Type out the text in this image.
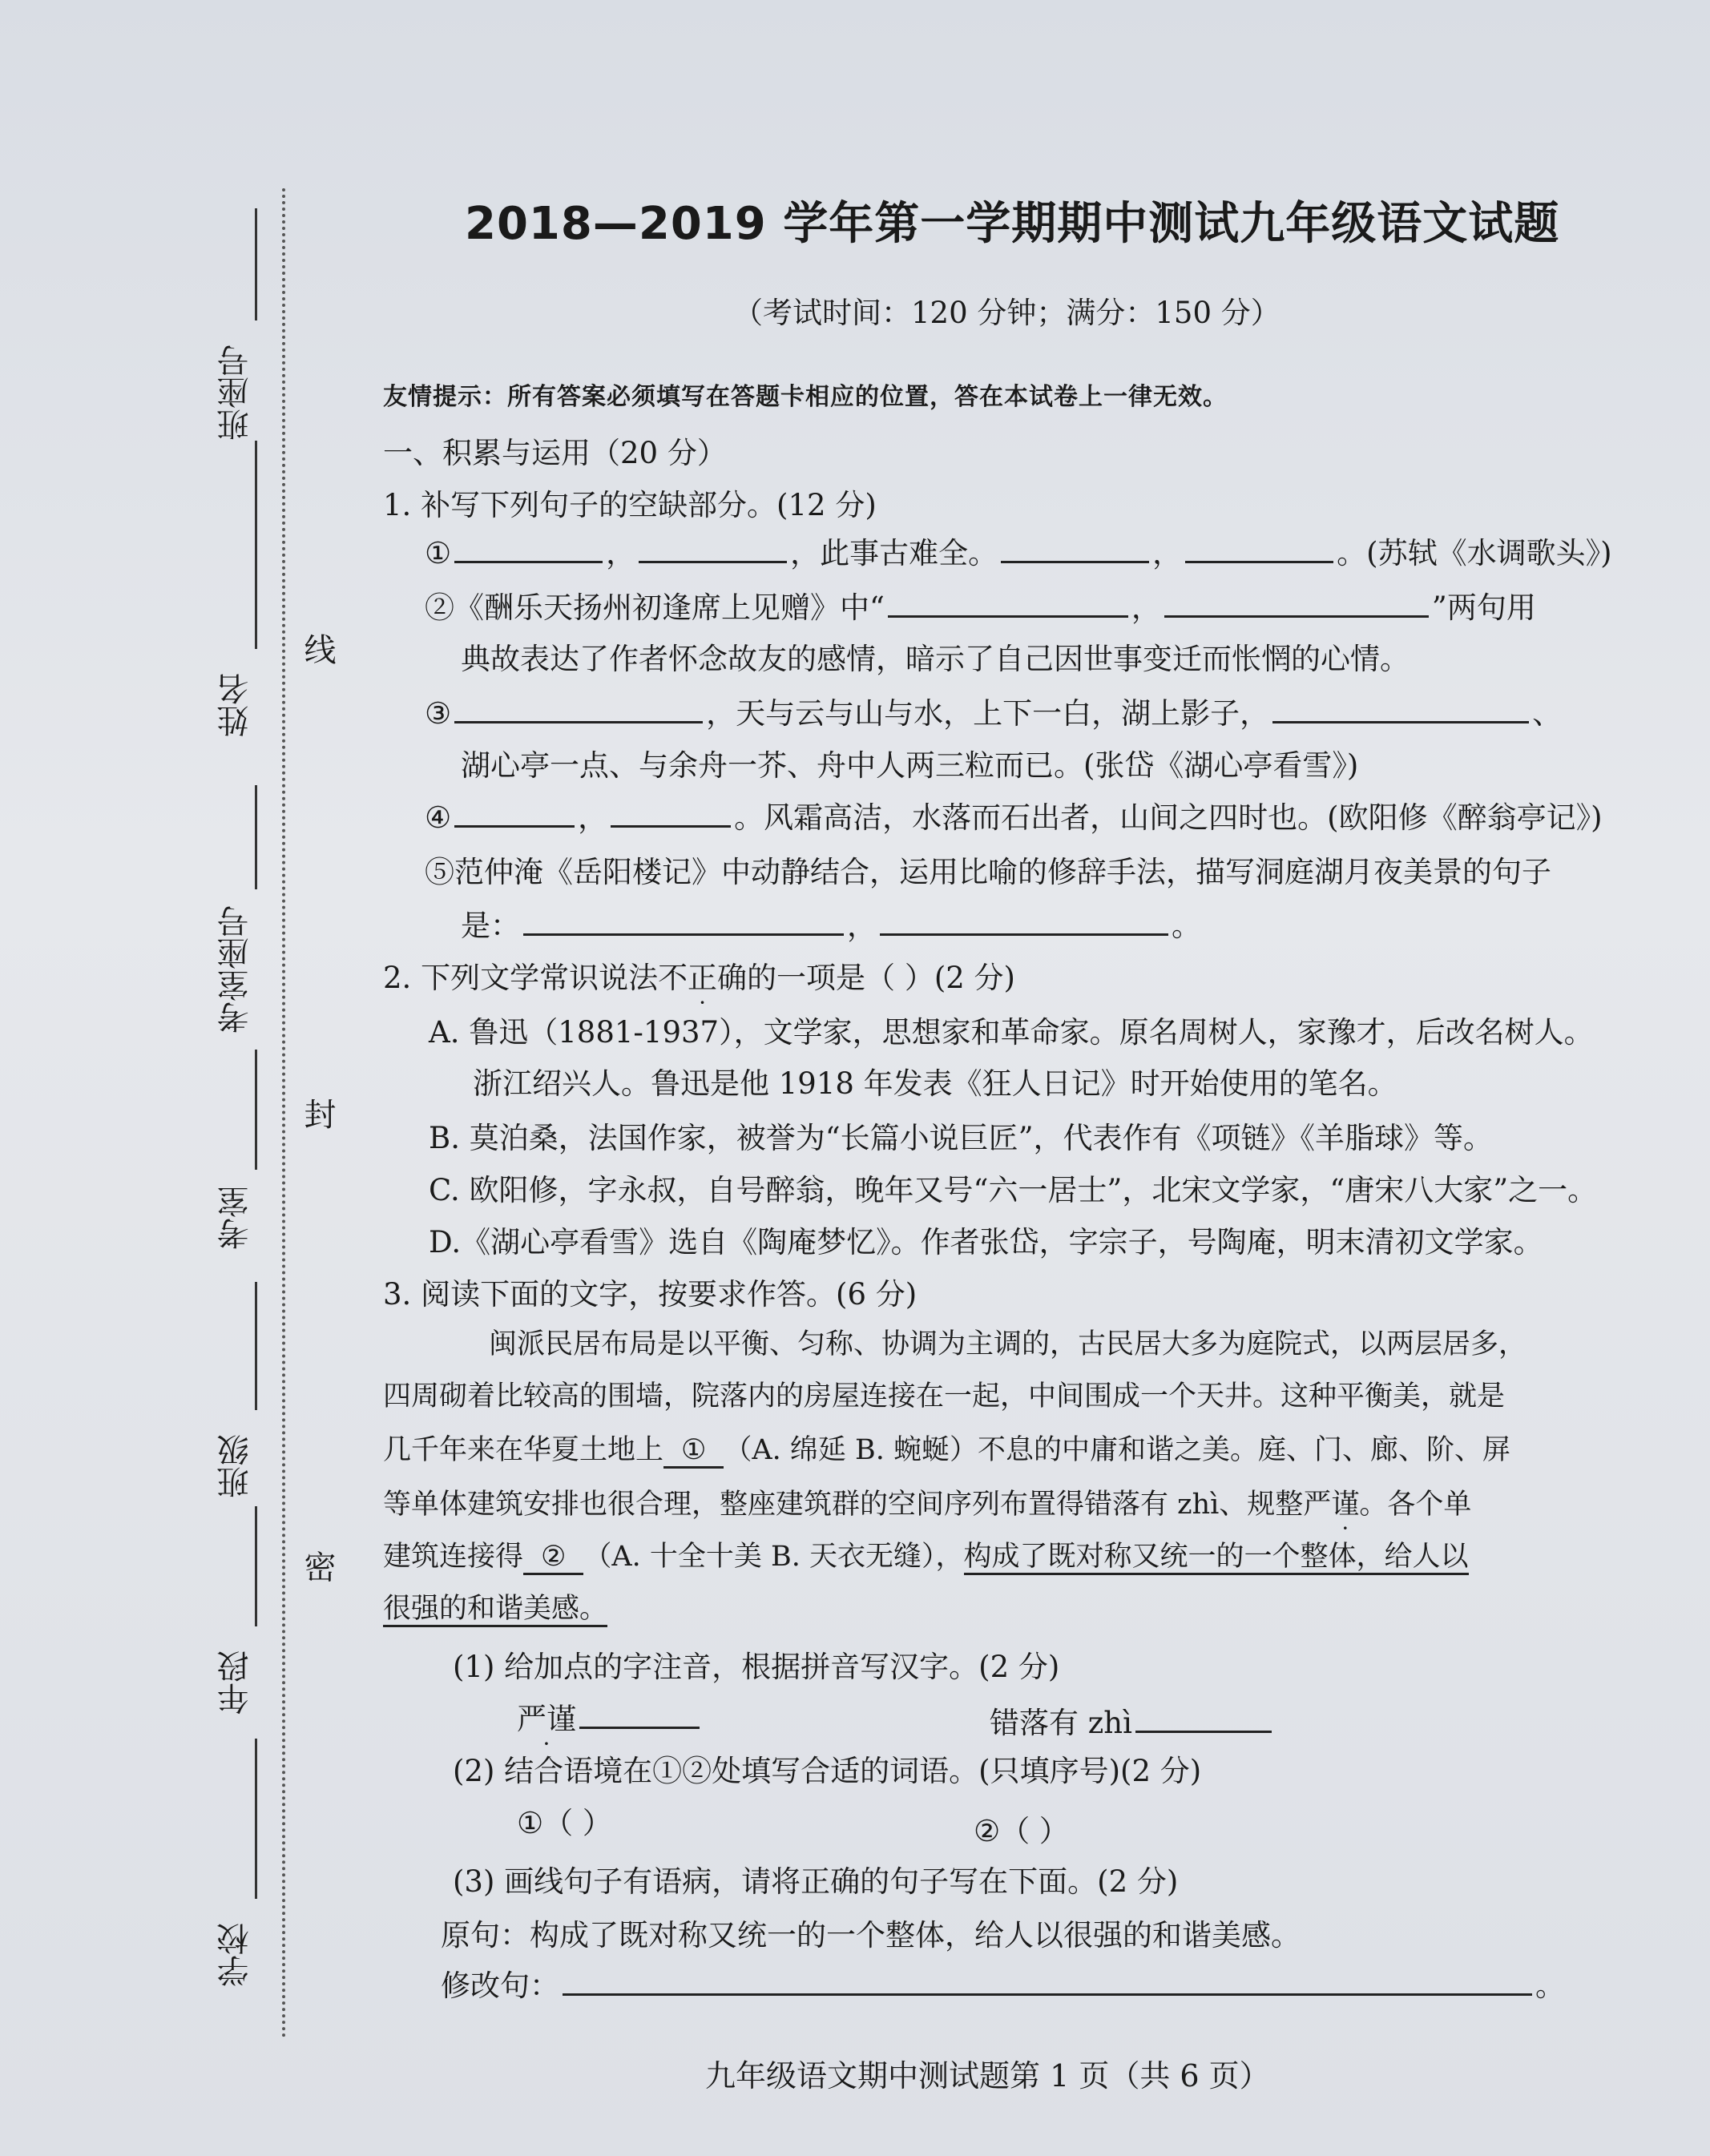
班座号
姓名
考室座号
考室
班级
年段
学校
线
封
密
2018—2019 学年第一学期期中测试九年级语文试题
（考试时间：120 分钟；满分：150 分）
友情提示：所有答案必须填写在答题卡相应的位置，答在本试卷上一律无效。
一、积累与运用（20 分）
1. 补写下列句子的空缺部分。(12 分)
①	，	，此事古难全。	，	。(苏轼《水调歌头》)
②《酬乐天扬州初逢席上见赠》中“	，	”两句用
典故表达了作者怀念故友的感情，暗示了自己因世事变迁而怅惘的心情。
③	，天与云与山与水，上下一白，湖上影子，	、
湖心亭一点、与余舟一芥、舟中人两三粒而已。(张岱《湖心亭看雪》)
④	，	。风霜高洁，水落而石出者，山间之四时也。(欧阳修《醉翁亭记》)
⑤范仲淹《岳阳楼记》中动静结合，运用比喻的修辞手法，描写洞庭湖月夜美景的句子
是：	，	。
2. 下列文学常识说法不正确的一项是（ ）(2 分)
A. 鲁迅（1881-1937），文学家，思想家和革命家。原名周树人，家豫才，后改名树人。
浙江绍兴人。鲁迅是他 1918 年发表《狂人日记》时开始使用的笔名。
B. 莫泊桑，法国作家，被誉为“长篇小说巨匠”，代表作有《项链》《羊脂球》等。
C. 欧阳修，字永叔，自号醉翁，晚年又号“六一居士”，北宋文学家，“唐宋八大家”之一。
D.《湖心亭看雪》选自《陶庵梦忆》。作者张岱，字宗子，号陶庵，明末清初文学家。
3. 阅读下面的文字，按要求作答。(6 分)
闽派民居布局是以平衡、匀称、协调为主调的，古民居大多为庭院式，以两层居多，
四周砌着比较高的围墙，院落内的房屋连接在一起，中间围成一个天井。这种平衡美，就是
几千年来在华夏土地上 ① （A. 绵延 B. 蜿蜒）不息的中庸和谐之美。庭、门、廊、阶、屏
等单体建筑安排也很合理，整座建筑群的空间序列布置得错落有 zhì、规整严谨。各个单
建筑连接得 ② （A. 十全十美 B. 天衣无缝），构成了既对称又统一的一个整体，给人以
很强的和谐美感。
(1) 给加点的字注音，根据拼音写汉字。(2 分)
严谨	错落有 zhì
(2) 结合语境在①②处填写合适的词语。(只填序号)(2 分)
①（ ）	②（ ）
(3) 画线句子有语病，请将正确的句子写在下面。(2 分)
原句：构成了既对称又统一的一个整体，给人以很强的和谐美感。
修改句：	。
九年级语文期中测试题第 1 页（共 6 页）
